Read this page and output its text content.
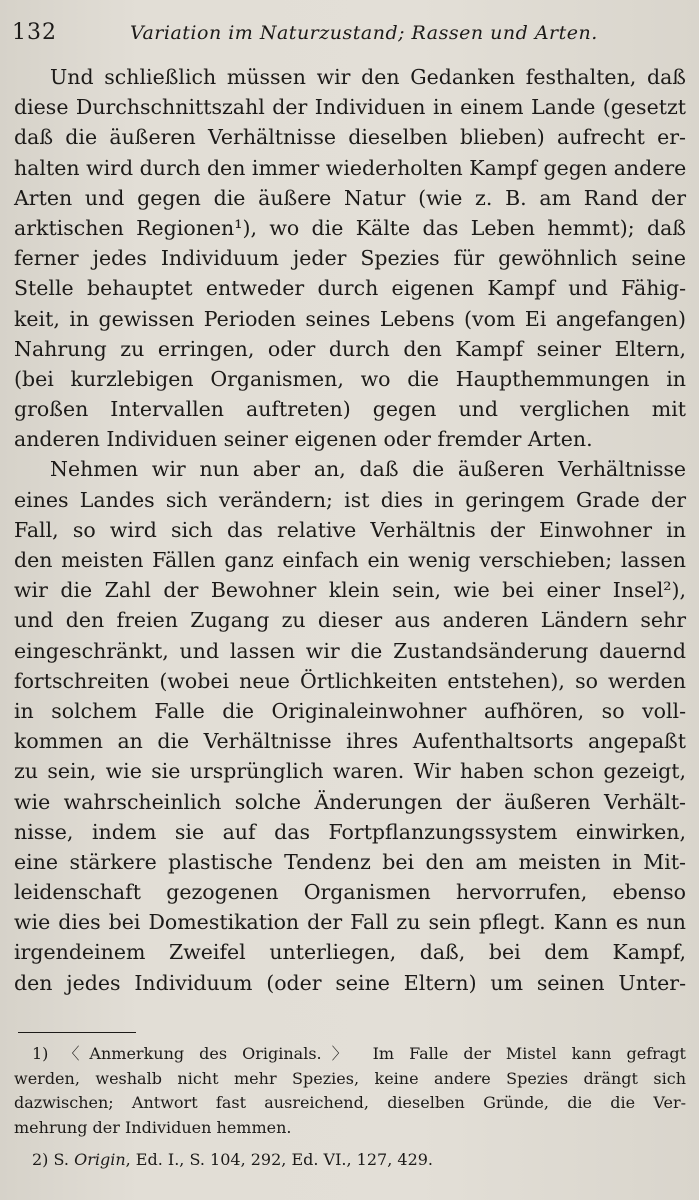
132	Variation im Naturzustand; Rassen und Arten.
Und schließlich müssen wir den Gedanken festhalten, daß
diese Durchschnittszahl der Individuen in einem Lande (gesetzt
daß die äußeren Verhältnisse dieselben blieben) aufrecht er-
halten wird durch den immer wiederholten Kampf gegen andere
Arten und gegen die äußere Natur (wie z. B. am Rand der
arktischen Regionen¹), wo die Kälte das Leben hemmt); daß
ferner jedes Individuum jeder Spezies für gewöhnlich seine
Stelle behauptet entweder durch eigenen Kampf und Fähig-
keit, in gewissen Perioden seines Lebens (vom Ei angefangen)
Nahrung zu erringen, oder durch den Kampf seiner Eltern,
(bei kurzlebigen Organismen, wo die Haupthemmungen in
großen Intervallen auftreten) gegen und verglichen mit
anderen Individuen seiner eigenen oder fremder Arten.
Nehmen wir nun aber an, daß die äußeren Verhältnisse
eines Landes sich verändern; ist dies in geringem Grade der
Fall, so wird sich das relative Verhältnis der Einwohner in
den meisten Fällen ganz einfach ein wenig verschieben; lassen
wir die Zahl der Bewohner klein sein, wie bei einer Insel²),
und den freien Zugang zu dieser aus anderen Ländern sehr
eingeschränkt, und lassen wir die Zustandsänderung dauernd
fortschreiten (wobei neue Örtlichkeiten entstehen), so werden
in solchem Falle die Originaleinwohner aufhören, so voll-
kommen an die Verhältnisse ihres Aufenthaltsorts angepaßt
zu sein, wie sie ursprünglich waren. Wir haben schon gezeigt,
wie wahrscheinlich solche Änderungen der äußeren Verhält-
nisse, indem sie auf das Fortpflanzungssystem einwirken,
eine stärkere plastische Tendenz bei den am meisten in Mit-
leidenschaft gezogenen Organismen hervorrufen, ebenso
wie dies bei Domestikation der Fall zu sein pflegt. Kann es nun
irgendeinem Zweifel unterliegen, daß, bei dem Kampf,
den jedes Individuum (oder seine Eltern) um seinen Unter-
1) 〈Anmerkung des Originals.〉 Im Falle der Mistel kann gefragt
werden, weshalb nicht mehr Spezies, keine andere Spezies drängt sich
dazwischen; Antwort fast ausreichend, dieselben Gründe, die die Ver-
mehrung der Individuen hemmen.
2) S. Origin, Ed. I., S. 104, 292, Ed. VI., 127, 429.
